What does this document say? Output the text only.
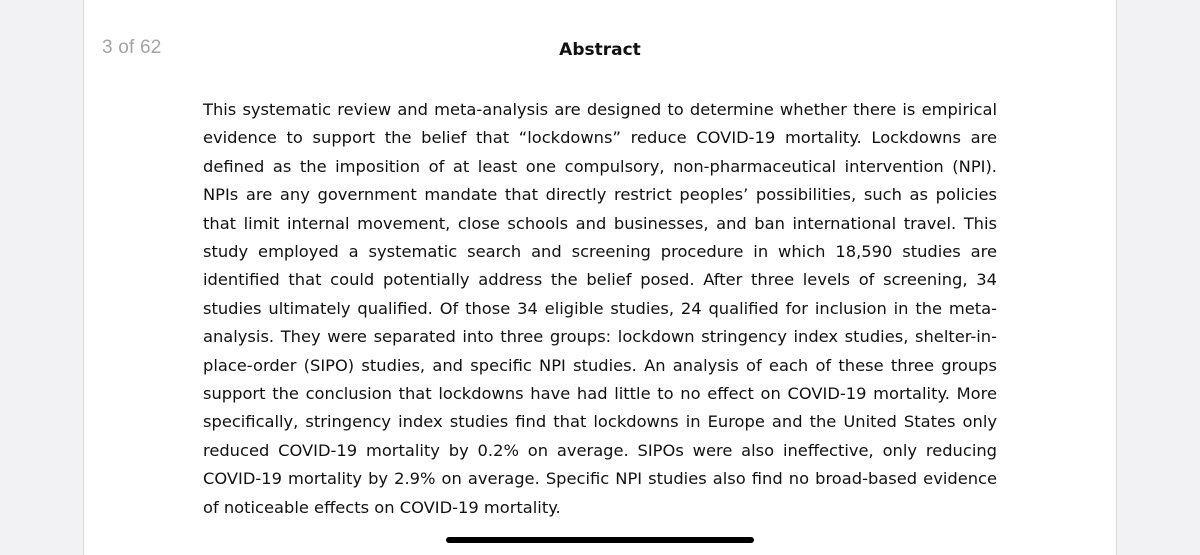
3 of 62	Abstract

This systematic review and meta-analysis are designed to determine whether there is empirical evidence to support the belief that “lockdowns” reduce COVID-19 mortality. Lockdowns are defined as the imposition of at least one compulsory, non-pharmaceutical intervention (NPI). NPIs are any government mandate that directly restrict peoples’ possibilities, such as policies that limit internal movement, close schools and businesses, and ban international travel. This study employed a systematic search and screening procedure in which 18,590 studies are identified that could potentially address the belief posed. After three levels of screening, 34 studies ultimately qualified. Of those 34 eligible studies, 24 qualified for inclusion in the meta-analysis. They were separated into three groups: lockdown stringency index studies, shelter-in-place-order (SIPO) studies, and specific NPI studies. An analysis of each of these three groups support the conclusion that lockdowns have had little to no effect on COVID-19 mortality. More specifically, stringency index studies find that lockdowns in Europe and the United States only reduced COVID-19 mortality by 0.2% on average. SIPOs were also ineffective, only reducing COVID-19 mortality by 2.9% on average. Specific NPI studies also find no broad-based evidence of noticeable effects on COVID-19 mortality.
